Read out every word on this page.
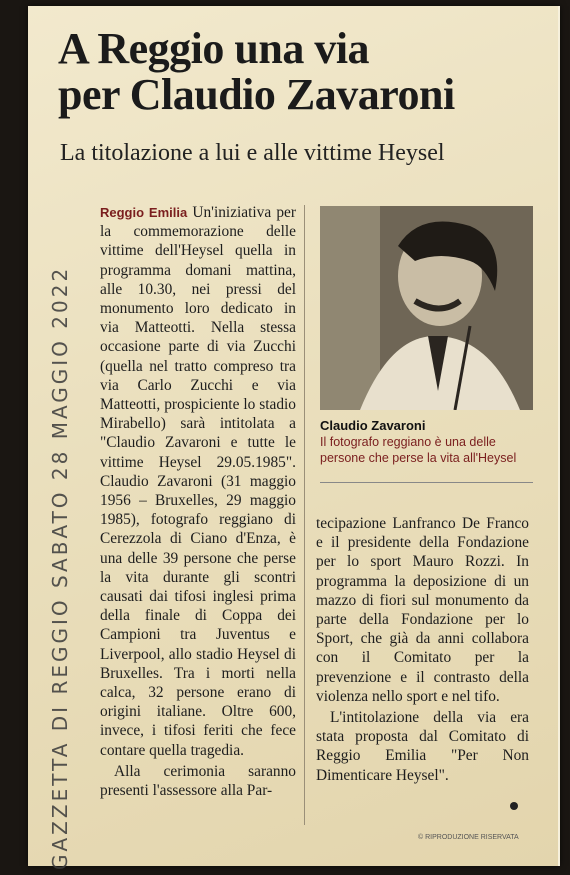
GAZZETTA DI REGGIO SABATO 28 MAGGIO 2022
A Reggio una via
per Claudio Zavaroni
La titolazione a lui e alle vittime Heysel

Reggio Emilia Un'iniziativa per la commemorazione delle vittime dell'Heysel quella in programma domani mattina, alle 10.30, nei pressi del monumento loro dedicato in via Matteotti. Nella stessa occasione parte di via Zucchi (quella nel tratto compreso tra via Carlo Zucchi e via Matteotti, prospiciente lo stadio Mirabello) sarà intitolata a "Claudio Zavaroni e tutte le vittime Heysel 29.05.1985". Claudio Zavaroni (31 maggio 1956 – Bruxelles, 29 maggio 1985), fotografo reggiano di Cerezzola di Ciano d'Enza, è una delle 39 persone che perse la vita durante gli scontri causati dai tifosi inglesi prima della finale di Coppa dei Campioni tra Juventus e Liverpool, allo stadio Heysel di Bruxelles. Tra i morti nella calca, 32 persone erano di origini italiane. Oltre 600, invece, i tifosi feriti che fece contare quella tragedia.

Alla cerimonia saranno presenti l'assessore alla Par-

Claudio Zavaroni
Il fotografo reggiano è una delle persone che perse la vita all'Heysel

tecipazione Lanfranco De Franco e il presidente della Fondazione per lo sport Mauro Rozzi. In programma la deposizione di un mazzo di fiori sul monumento da parte della Fondazione per lo Sport, che già da anni collabora con il Comitato per la prevenzione e il contrasto della violenza nello sport e nel tifo.

L'intitolazione della via era stata proposta dal Comitato di Reggio Emilia "Per Non Dimenticare Heysel".

© RIPRODUZIONE RISERVATA
